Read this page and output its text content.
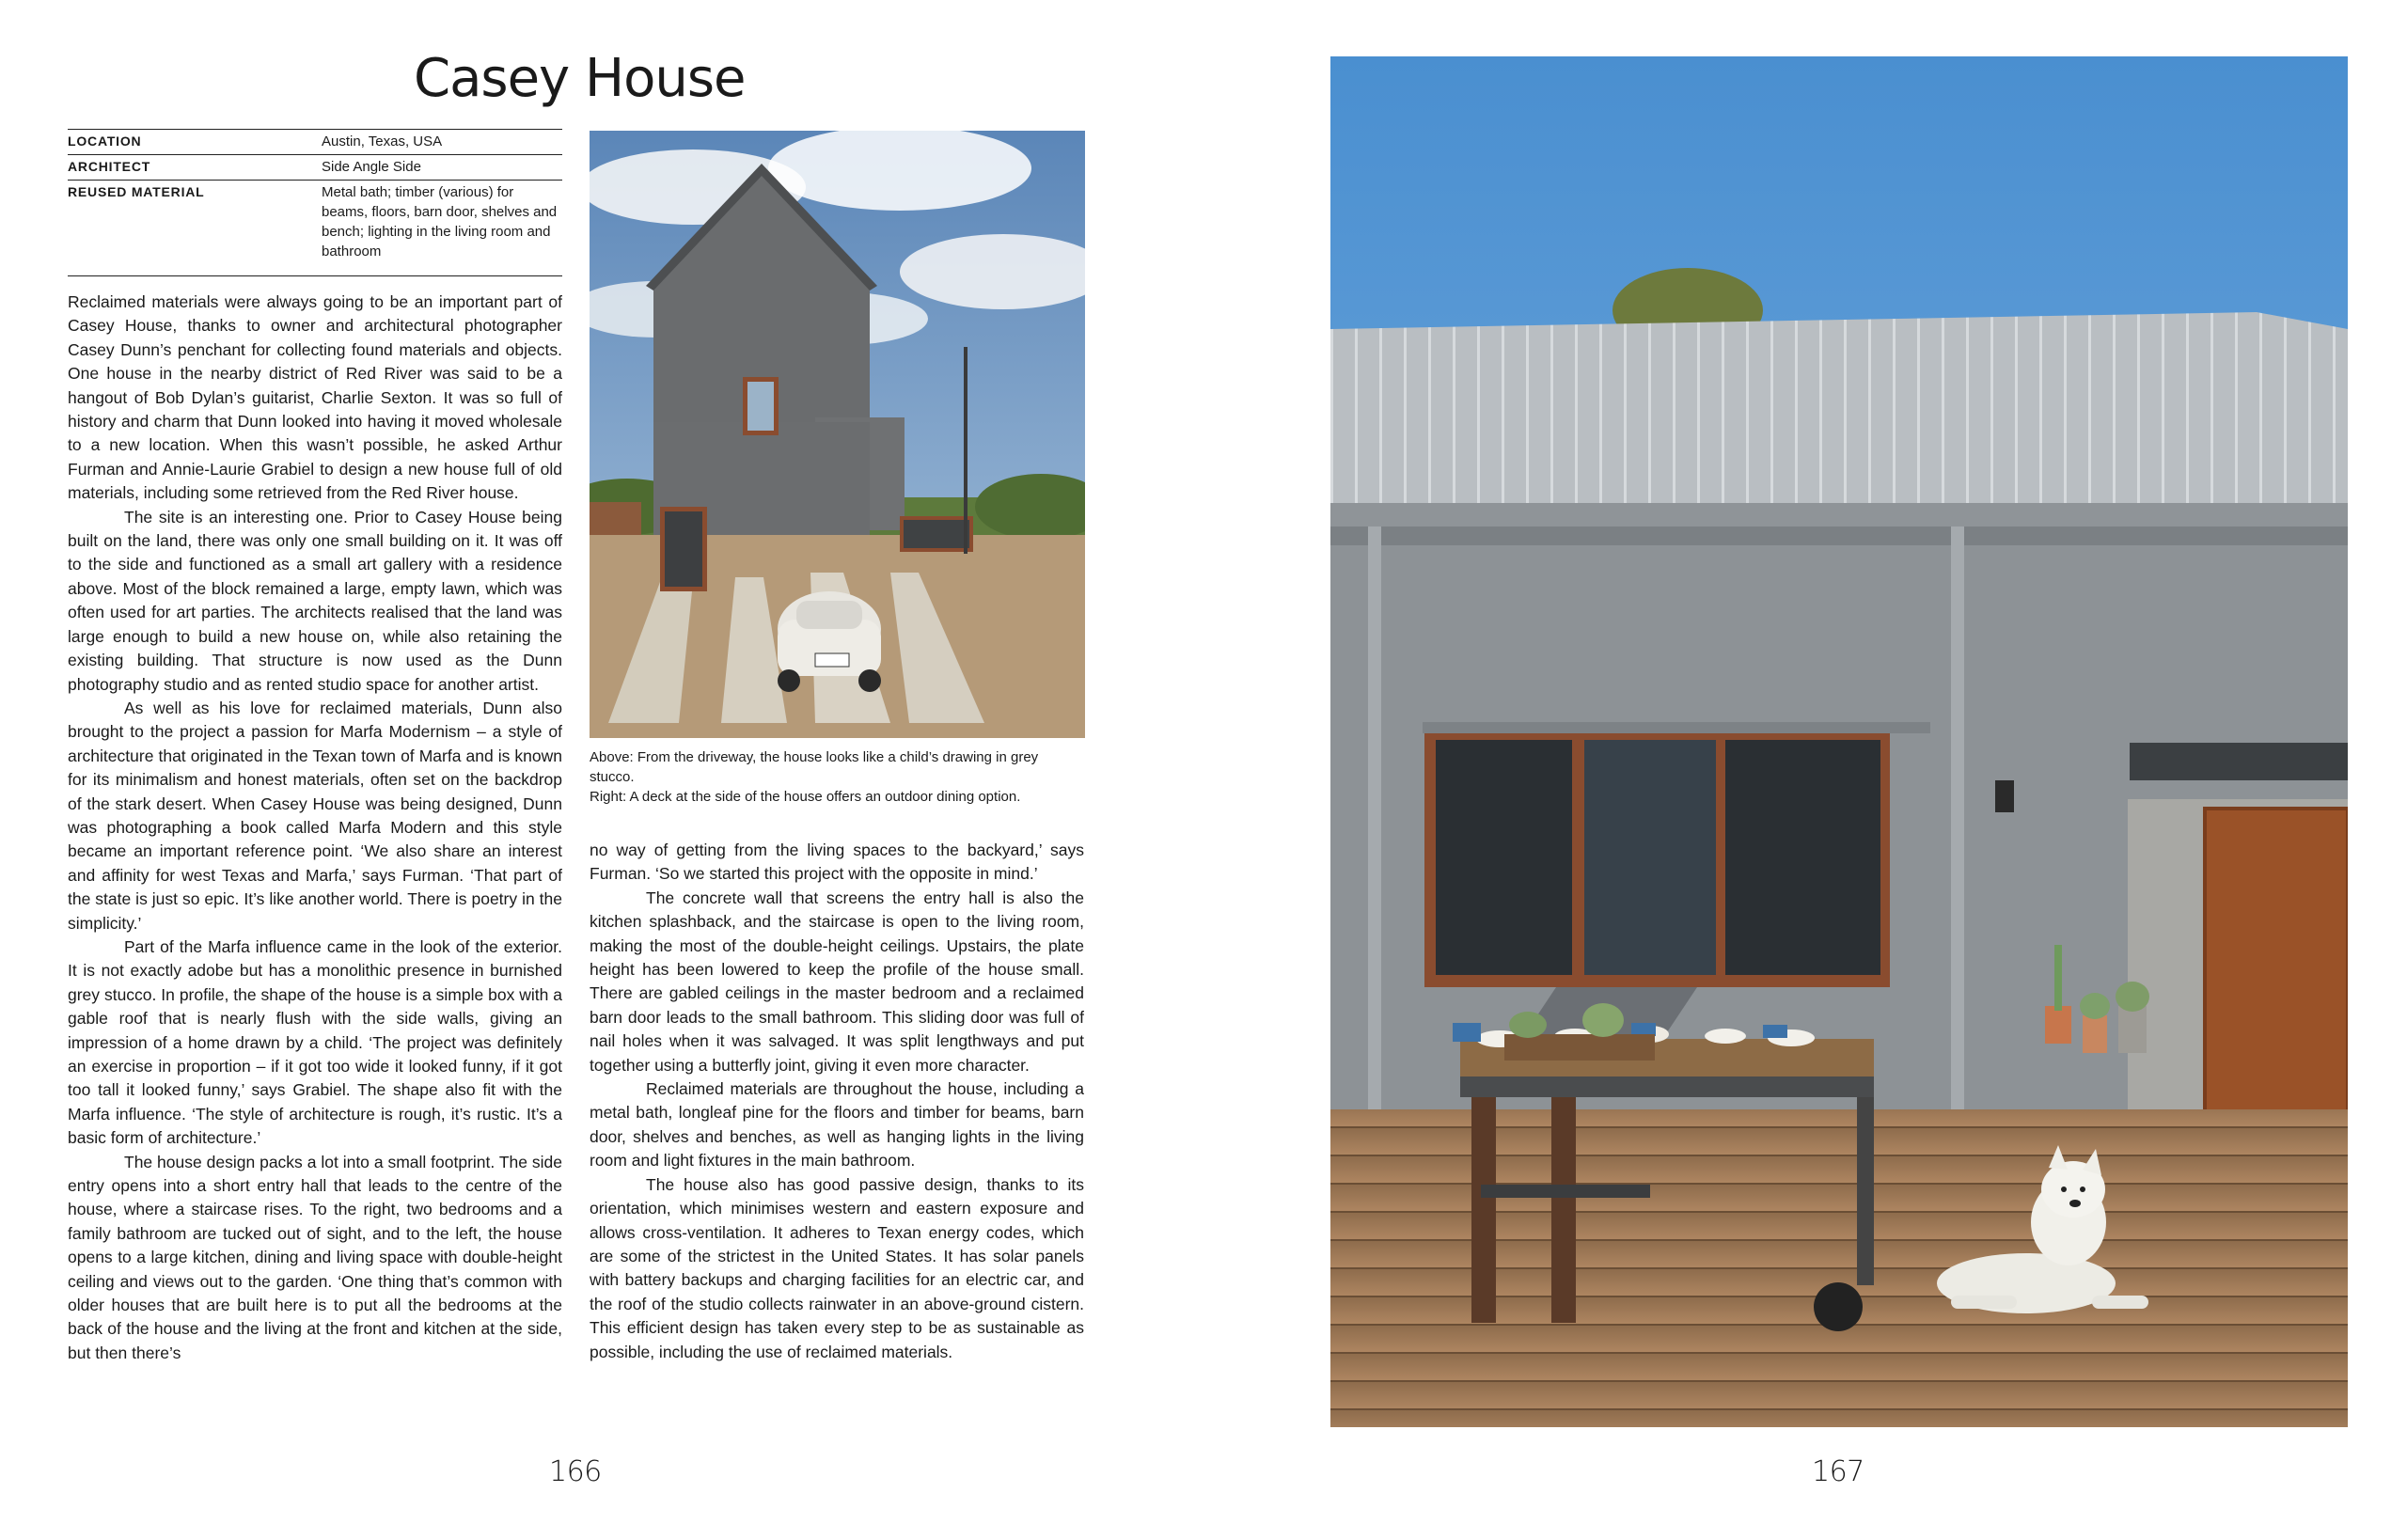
Casey House
LOCATION	Austin, Texas, USA
ARCHITECT	Side Angle Side
REUSED MATERIAL	Metal bath; timber (various) for beams, floors, barn door, shelves and bench; lighting in the living room and bathroom

Reclaimed materials were always going to be an important part of Casey House, thanks to owner and architectural photographer Casey Dunn’s penchant for collecting found materials and objects. One house in the nearby district of Red River was said to be a hangout of Bob Dylan’s guitarist, Charlie Sexton. It was so full of history and charm that Dunn looked into having it moved wholesale to a new location. When this wasn’t possible, he asked Arthur Furman and Annie-Laurie Grabiel to design a new house full of old materials, including some retrieved from the Red River house.

The site is an interesting one. Prior to Casey House being built on the land, there was only one small building on it. It was off to the side and functioned as a small art gallery with a residence above. Most of the block remained a large, empty lawn, which was often used for art parties. The architects realised that the land was large enough to build a new house on, while also retaining the existing building. That structure is now used as the Dunn photography studio and as rented studio space for another artist.

As well as his love for reclaimed materials, Dunn also brought to the project a passion for Marfa Modernism – a style of architecture that originated in the Texan town of Marfa and is known for its minimalism and honest materials, often set on the backdrop of the stark desert. When Casey House was being designed, Dunn was photographing a book called Marfa Modern and this style became an important reference point. ‘We also share an interest and affinity for west Texas and Marfa,’ says Furman. ‘That part of the state is just so epic. It’s like another world. There is poetry in the simplicity.’

Part of the Marfa influence came in the look of the exterior. It is not exactly adobe but has a monolithic presence in burnished grey stucco. In profile, the shape of the house is a simple box with a gable roof that is nearly flush with the side walls, giving an impression of a home drawn by a child. ‘The project was definitely an exercise in proportion – if it got too wide it looked funny, if it got too tall it looked funny,’ says Grabiel. The shape also fit with the Marfa influence. ‘The style of architecture is rough, it’s rustic. It’s a basic form of architecture.’

The house design packs a lot into a small footprint. The side entry opens into a short entry hall that leads to the centre of the house, where a staircase rises. To the right, two bedrooms and a family bathroom are tucked out of sight, and to the left, the house opens to a large kitchen, dining and living space with double-height ceiling and views out to the garden. ‘One thing that’s common with older houses that are built here is to put all the bedrooms at the back of the house and the living at the front and kitchen at the side, but then there’s

Above: From the driveway, the house looks like a child’s drawing in grey stucco.
Right: A deck at the side of the house offers an outdoor dining option.

no way of getting from the living spaces to the backyard,’ says Furman. ‘So we started this project with the opposite in mind.’

The concrete wall that screens the entry hall is also the kitchen splashback, and the staircase is open to the living room, making the most of the double-height ceilings. Upstairs, the plate height has been lowered to keep the profile of the house small. There are gabled ceilings in the master bedroom and a reclaimed barn door leads to the small bathroom. This sliding door was full of nail holes when it was salvaged. It was split lengthways and put together using a butterfly joint, giving it even more character.

Reclaimed materials are throughout the house, including a metal bath, longleaf pine for the floors and timber for beams, barn door, shelves and benches, as well as hanging lights in the living room and light fixtures in the main bathroom.

The house also has good passive design, thanks to its orientation, which minimises western and eastern exposure and allows cross-ventilation. It adheres to Texan energy codes, which are some of the strictest in the United States. It has solar panels with battery backups and charging facilities for an electric car, and the roof of the studio collects rainwater in an above-ground cistern. This efficient design has taken every step to be as sustainable as possible, including the use of reclaimed materials.

166	167
